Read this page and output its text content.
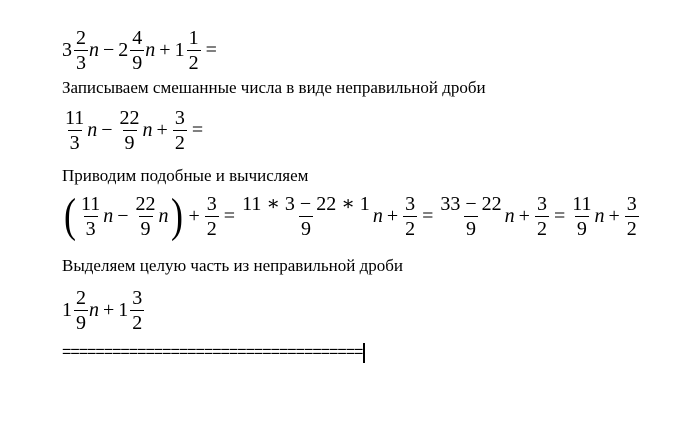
$3 \frac{2}{3}$ $n - 2 \frac{4}{9}$ $n + 1 \frac{1}{2}$ =
Записываем смешанные числа в виде неправильной дроби
$\frac{11}{3}$ $n - \frac{22}{9}$ $n + \frac{3}{2}$ =
Приводим подобные и вычисляем
( $\frac{11}{3}$ $n - \frac{22}{9}$ n ) + $\frac{3}{2} = \frac{11 ∗ 3 - 22 ∗ 1}{9}$ $n + \frac{3}{2} = \frac{33 - 22}{9}$ $n + \frac{3}{2} = \frac{11}{9}$ $n + \frac{3}{2}$
Выделяем целую часть из неправильной дроби
$1 \frac{2}{9}$ $n + 1 \frac{3}{2}$
====================================
